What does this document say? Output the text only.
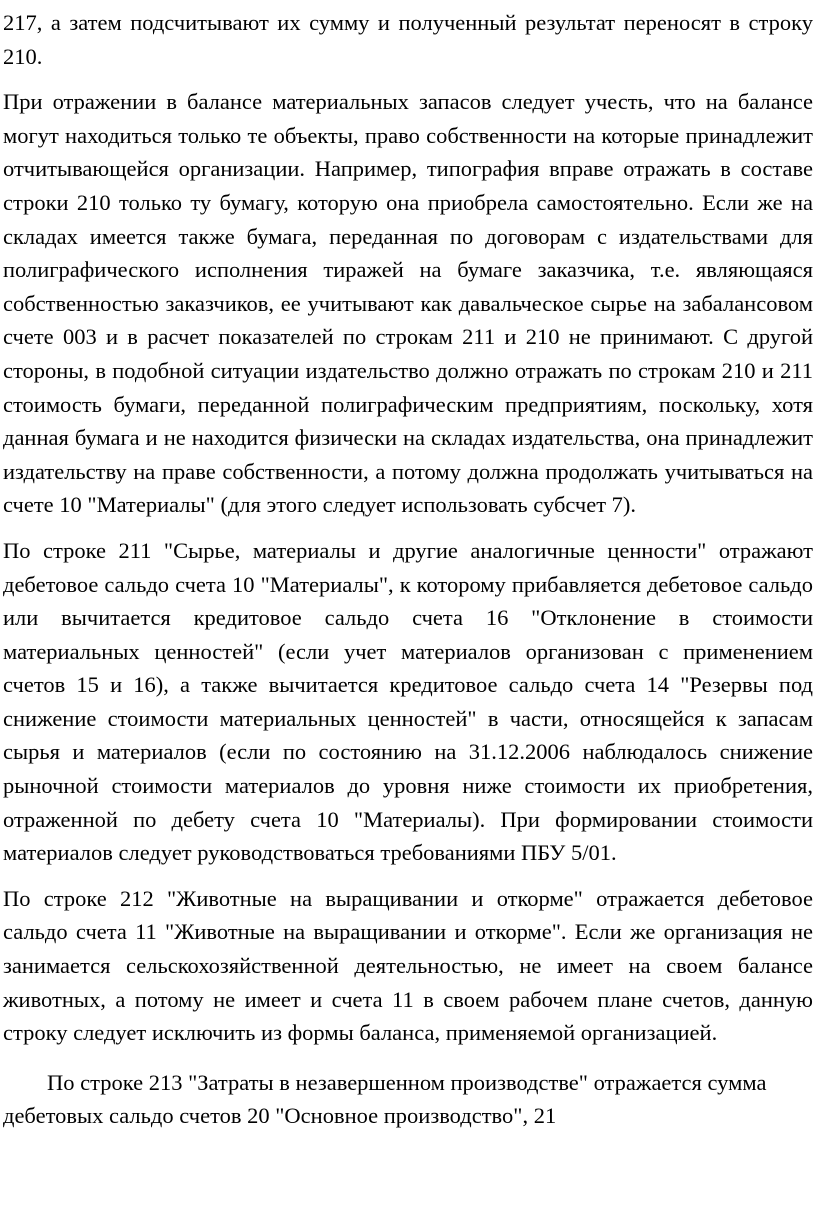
217, а затем подсчитывают их сумму и полученный результат переносят в строку 210.

При отражении в балансе материальных запасов следует учесть, что на балансе могут находиться только те объекты, право собственности на которые принадлежит отчитывающейся организации. Например, типография вправе отражать в составе строки 210 только ту бумагу, которую она приобрела самостоятельно. Если же на складах имеется также бумага, переданная по договорам с издательствами для полиграфического исполнения тиражей на бумаге заказчика, т.е. являющаяся собственностью заказчиков, ее учитывают как давальческое сырье на забалансовом счете 003 и в расчет показателей по строкам 211 и 210 не принимают. С другой стороны, в подобной ситуации издательство должно отражать по строкам 210 и 211 стоимость бумаги, переданной полиграфическим предприятиям, поскольку, хотя данная бумага и не находится физически на складах издательства, она принадлежит издательству на праве собственности, а потому должна продолжать учитываться на счете 10 "Материалы" (для этого следует использовать субсчет 7).

По строке 211 "Сырье, материалы и другие аналогичные ценности" отражают дебетовое сальдо счета 10 "Материалы", к которому прибавляется дебетовое сальдо или вычитается кредитовое сальдо счета 16 "Отклонение в стоимости материальных ценностей" (если учет материалов организован с применением счетов 15 и 16), а также вычитается кредитовое сальдо счета 14 "Резервы под снижение стоимости материальных ценностей" в части, относящейся к запасам сырья и материалов (если по состоянию на 31.12.2006 наблюдалось снижение рыночной стоимости материалов до уровня ниже стоимости их приобретения, отраженной по дебету счета 10 "Материалы). При формировании стоимости материалов следует руководствоваться требованиями ПБУ 5/01.

По строке 212 "Животные на выращивании и откорме" отражается дебетовое сальдо счета 11 "Животные на выращивании и откорме". Если же организация не занимается сельскохозяйственной деятельностью, не имеет на своем балансе животных, а потому не имеет и счета 11 в своем рабочем плане счетов, данную строку следует исключить из формы баланса, применяемой организацией.

По строке 213 "Затраты в незавершенном производстве" отражается сумма дебетовых сальдо счетов 20 "Основное производство", 21
